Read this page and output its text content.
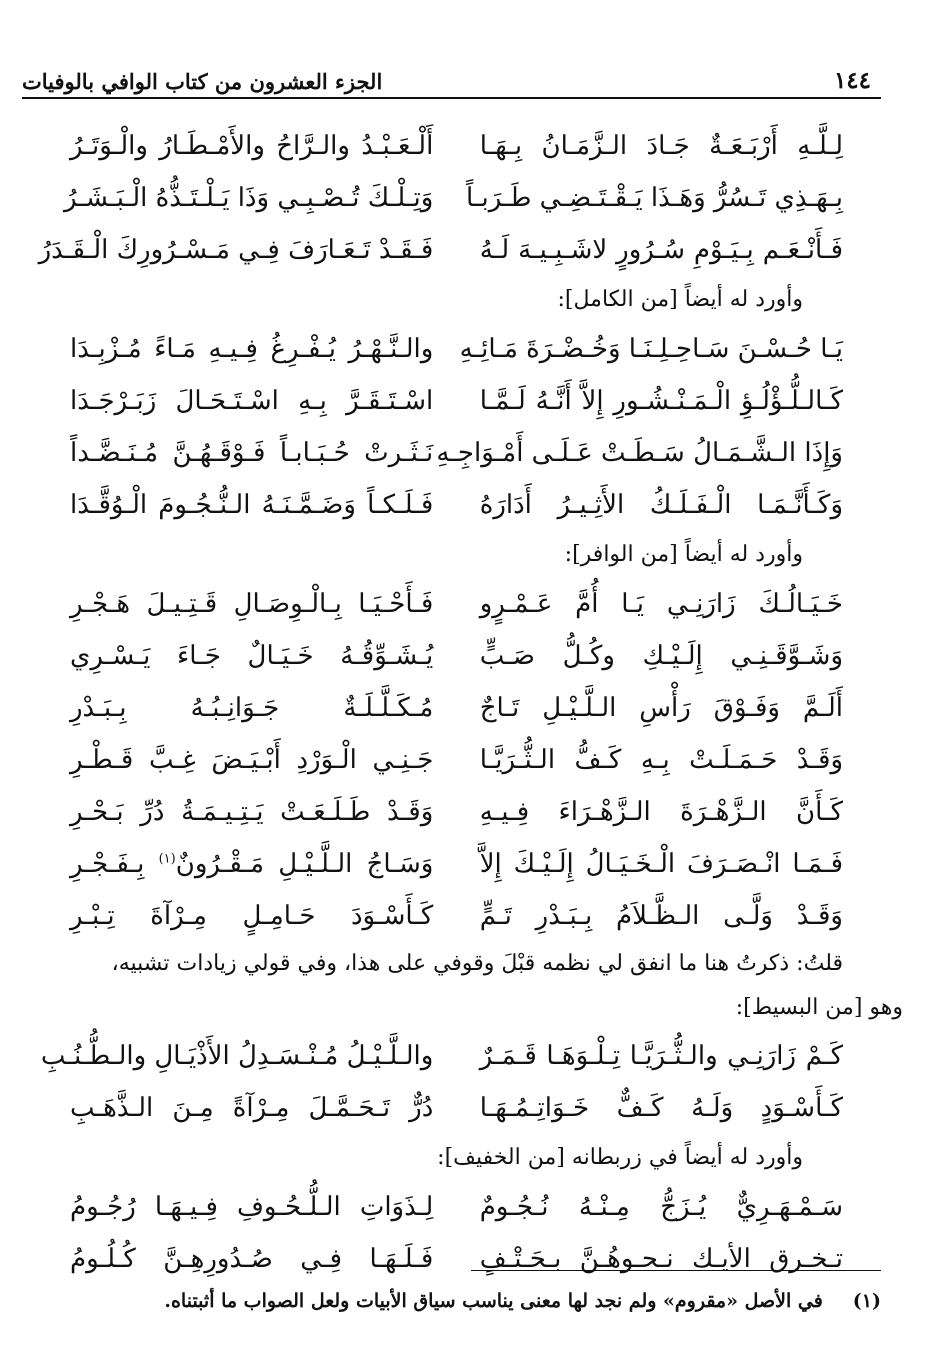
١٤٤
الجزء العشرون من كتاب الوافي بالوفيات
لِـلَّـهِ أَرْبَـعَـةٌ جَـادَ الـزَّمَـانُ بِـهَـا
أَلْـعَـبْـدُ والـرَّاحُ والأَمْـطَـارُ والْـوَتَـرُ
بِـهَـذِي تَـسُرُّ وَهَـذَا يَـقْـتَـضِـي طَـرَبـاً
وَتِـلْـكَ تُـصْـبِـي وَذَا يَـلْـتَـذُّهُ الْـبَـشَـرُ
فَـأَنْـعَـم بِـيَـوْمِ سُـرُورٍ لاشَـبِـيـهَ لَـهُ
فَـقَـدْ تَـعَـارَفَ فِـي مَـسْـرُورِكَ الْـقَـدَرُ
وأورد له أيضاً [من الكامل]:
يَـا حُـسْـنَ سَـاحِـلِـنَـا وَخُـضْـرَةَ مَـائِـهِ
والـنَّـهْـرُ يُـفْـرِغُ فِـيـهِ مَـاءً مُـزْبِـدَا
كَـالـلُّـؤْلُـؤِ الْـمَـنْـشُـورِ إِلاَّ أَنَّـهُ لَـمَّـا
اسْـتَـقَـرَّ بِـهِ اسْـتَـحَـالَ زَبَـرْجَـدَا
وَإِذَا الـشَّـمَـالُ سَـطَـتْ عَـلَـى أَمْـوَاجِـهِ
نَـثَـرتْ حُـبَـابـاً فَـوْقَـهُـنَّ مُـنَـضَّـداً
وَكَـأَنَّـمَـا الْـفَـلَـكُ الأَثِـيـرُ أَدَارَهُ
فَـلَـكـاً وَضَـمَّـنَـهُ الـنُّـجُـومَ الْـوُقَّـدَا
وأورد له أيضاً [من الوافر]:
خَـيَـالُـكَ زَارَنِـي يَـا أُمَّ عَـمْـرٍو
فَـأَحْـيَـا بِـالْـوِصَـالِ قَـتِـيـلَ هَـجْـرِ
وَشَـوَّقَـنِـي إِلَـيْـكِ وكُـلُّ صَـبٍّ
يُـشَـوِّقُـهُ خَـيَـالٌ جَـاءَ يَـسْـرِي
أَلَـمَّ وَفَـوْقَ رَأْسِ الـلَّـيْـلِ تَـاجٌ
مُـكَـلَّـلَـةٌ جَـوَانِـبُـهُ بِـبَـدْرِ
وَقَـدْ حَـمَـلَـتْ بِـهِ كَـفُّ الـثُّـرَيَّـا
جَـنِـي الْـوَرْدِ أَبْـيَـضَ غِـبَّ قَـطْـرِ
كَـأَنَّ الـزَّهْـرَةَ الـزَّهْـرَاءَ فِـيـهِ
وَقَـدْ طَـلَـعَـتْ يَـتِـيـمَـةُ دُرِّ بَـحْـرِ
فَـمَـا انْـصَـرَفَ الْـخَـيَـالُ إِلَـيْـكَ إِلاَّ
وَسَـاجُ الـلَّـيْـلِ مَـقْـرُونٌ$^{(١)}$ بِـفَـجْـرِ
وَقَـدْ وَلَّـى الـظَّـلاَمُ بِـبَـدْرِ تَـمٍّ
كَـأَسْـوَدَ حَـامِـلٍ مِـرْآةَ تِـبْـرِ
قلتُ: ذكرتُ هنا ما انفق لي نظمه قبْلَ وقوفي على هذا، وفي قولي زيادات تشبيه،
وهو [من البسيط]:
كَـمْ زَارَنِـي والـثُّـرَيَّـا تِـلْـوَهَـا قَـمَـرٌ
والـلَّـيْـلُ مُـنْـسَـدِلُ الأَذْيَـالِ والـطُّـنُـبِ
كَـأَسْـوَدٍ وَلَـهُ كَـفٌّ خَـوَاتِـمُـهَـا
دُرٌّ تَـحَـمَّـلَ مِـرْآةً مِـنَ الـذَّهَـبِ
وأورد له أيضاً في زربطانه [من الخفيف]:
سَـمْـهَـرِيٌّ يُـزَجُّ مِـنْـهُ نُـجُـومٌ
لِـذَوَاتِ الـلُّـحُـوفِ فِـيـهَـا رُجُـومُ
تـخـرق الأيـك نـحـوهُـنَّ بـحَـتْـفٍ
فَـلَـهَـا فِـي صُـدُورِهِـنَّ كُـلُـومُ
(١)
في الأصل «مقروم» ولم نجد لها معنى يناسب سياق الأبيات ولعل الصواب ما أثبتناه.
